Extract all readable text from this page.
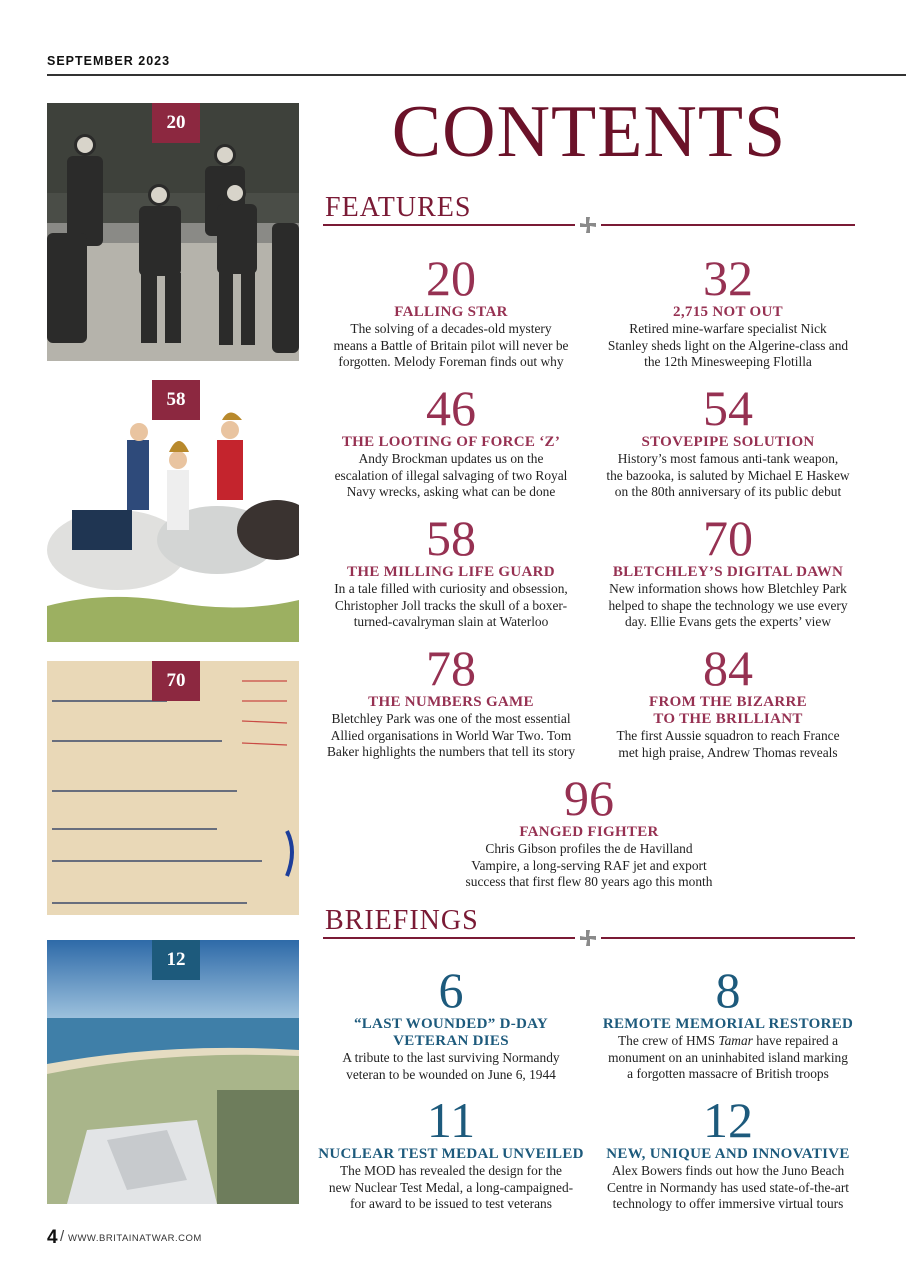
SEPTEMBER 2023
20
58
70
12
CONTENTS
FEATURES
20
FALLING STAR
The solving of a decades-old mystery
means a Battle of Britain pilot will never be
forgotten. Melody Foreman finds out why
32
2,715 NOT OUT
Retired mine-warfare specialist Nick
Stanley sheds light on the Algerine-class and
the 12th Minesweeping Flotilla
46
THE LOOTING OF FORCE ‘Z’
Andy Brockman updates us on the
escalation of illegal salvaging of two Royal
Navy wrecks, asking what can be done
54
STOVEPIPE SOLUTION
History’s most famous anti-tank weapon,
the bazooka, is saluted by Michael E Haskew
on the 80th anniversary of its public debut
58
THE MILLING LIFE GUARD
In a tale filled with curiosity and obsession,
Christopher Joll tracks the skull of a boxer-
turned-cavalryman slain at Waterloo
70
BLETCHLEY’S DIGITAL DAWN
New information shows how Bletchley Park
helped to shape the technology we use every
day. Ellie Evans gets the experts’ view
78
THE NUMBERS GAME
Bletchley Park was one of the most essential
Allied organisations in World War Two. Tom
Baker highlights the numbers that tell its story
84
FROM THE BIZARRE
TO THE BRILLIANT
The first Aussie squadron to reach France
met high praise, Andrew Thomas reveals
96
FANGED FIGHTER
Chris Gibson profiles the de Havilland
Vampire, a long-serving RAF jet and export
success that first flew 80 years ago this month
BRIEFINGS
6
“LAST WOUNDED” D-DAY
VETERAN DIES
A tribute to the last surviving Normandy
veteran to be wounded on June 6, 1944
8
REMOTE MEMORIAL RESTORED
The crew of HMS Tamar have repaired a
monument on an uninhabited island marking
a forgotten massacre of British troops
11
NUCLEAR TEST MEDAL UNVEILED
The MOD has revealed the design for the
new Nuclear Test Medal, a long-campaigned-
for award to be issued to test veterans
12
NEW, UNIQUE AND INNOVATIVE
Alex Bowers finds out how the Juno Beach
Centre in Normandy has used state-of-the-art
technology to offer immersive virtual tours
4 / WWW.BRITAINATWAR.COM
